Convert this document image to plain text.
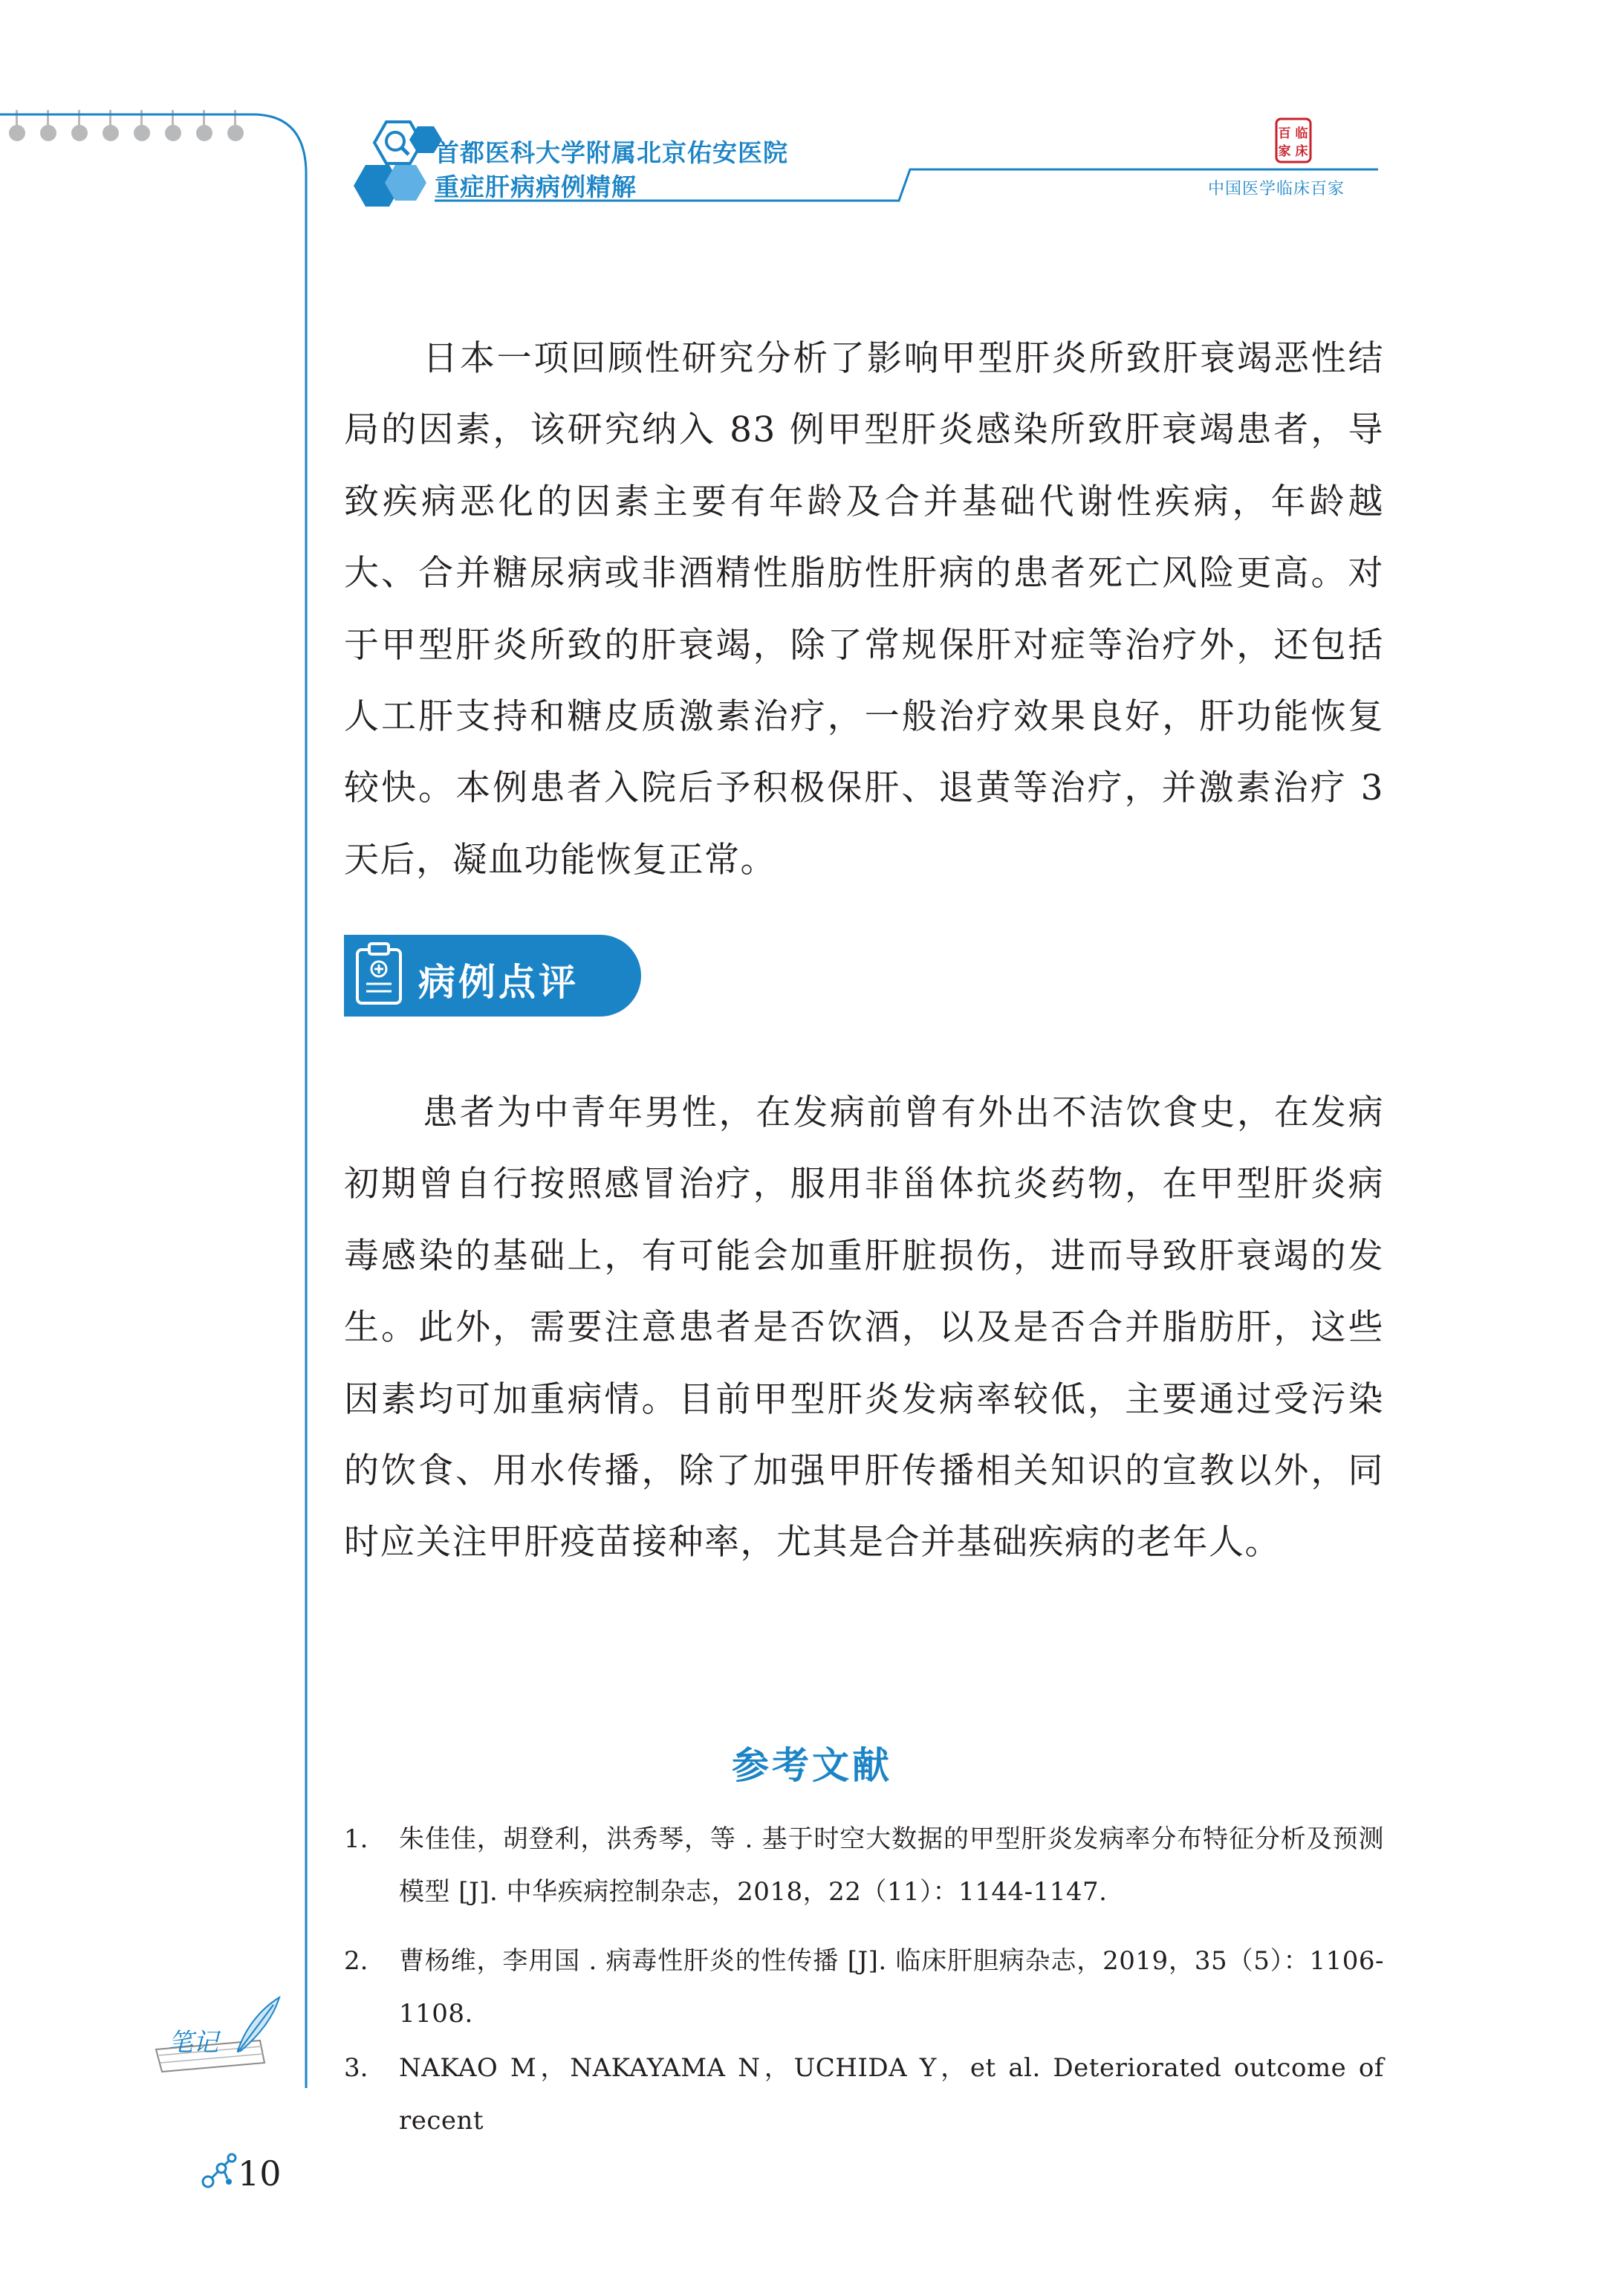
首都医科大学附属北京佑安医院
重症肝病病例精解
百 临
家 床
中国医学临床百家
日本一项回顾性研究分析了影响甲型肝炎所致肝衰竭恶性结局的因素，该研究纳入 83 例甲型肝炎感染所致肝衰竭患者，导致疾病恶化的因素主要有年龄及合并基础代谢性疾病，年龄越大、合并糖尿病或非酒精性脂肪性肝病的患者死亡风险更高。对于甲型肝炎所致的肝衰竭，除了常规保肝对症等治疗外，还包括人工肝支持和糖皮质激素治疗，一般治疗效果良好，肝功能恢复较快。本例患者入院后予积极保肝、退黄等治疗，并激素治疗 3 天后，凝血功能恢复正常。
病例点评
患者为中青年男性，在发病前曾有外出不洁饮食史，在发病初期曾自行按照感冒治疗，服用非甾体抗炎药物，在甲型肝炎病毒感染的基础上，有可能会加重肝脏损伤，进而导致肝衰竭的发生。此外，需要注意患者是否饮酒，以及是否合并脂肪肝，这些因素均可加重病情。目前甲型肝炎发病率较低，主要通过受污染的饮食、用水传播，除了加强甲肝传播相关知识的宣教以外，同时应关注甲肝疫苗接种率，尤其是合并基础疾病的老年人。
参考文献
1. 朱佳佳，胡登利，洪秀琴，等 . 基于时空大数据的甲型肝炎发病率分布特征分析及预测模型 [J]. 中华疾病控制杂志，2018，22（11）：1144-1147.
2. 曹杨维，李用国 . 病毒性肝炎的性传播 [J]. 临床肝胆病杂志，2019，35（5）：1106-1108.
3. NAKAO M，NAKAYAMA N，UCHIDA Y，et al. Deteriorated outcome of recent
笔记
10
